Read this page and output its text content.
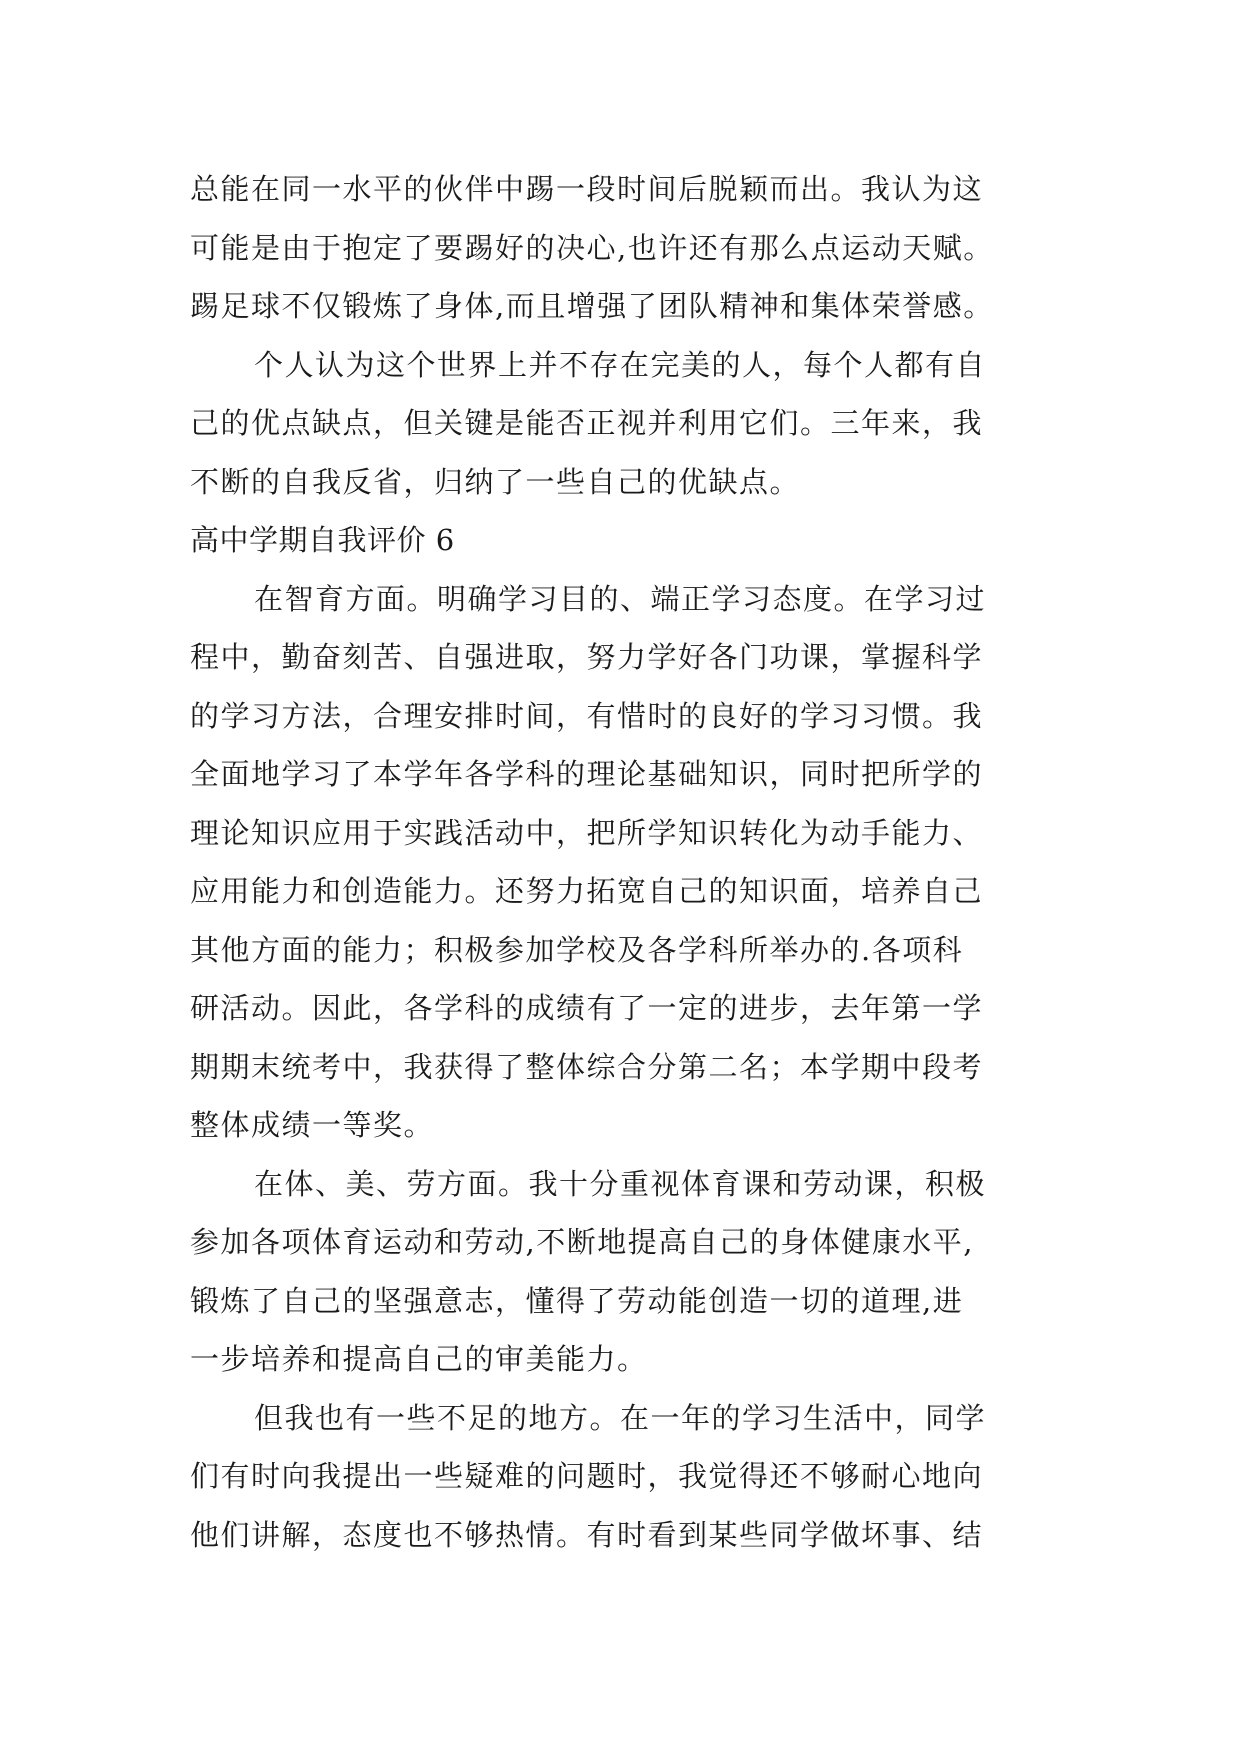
总能在同一水平的伙伴中踢一段时间后脱颖而出。我认为这
可能是由于抱定了要踢好的决心,也许还有那么点运动天赋。
踢足球不仅锻炼了身体,而且增强了团队精神和集体荣誉感。
个人认为这个世界上并不存在完美的人，每个人都有自
己的优点缺点，但关键是能否正视并利用它们。三年来，我
不断的自我反省，归纳了一些自己的优缺点。
高中学期自我评价 6
在智育方面。明确学习目的、端正学习态度。在学习过
程中，勤奋刻苦、自强进取，努力学好各门功课，掌握科学
的学习方法，合理安排时间，有惜时的良好的学习习惯。我
全面地学习了本学年各学科的理论基础知识，同时把所学的
理论知识应用于实践活动中，把所学知识转化为动手能力、
应用能力和创造能力。还努力拓宽自己的知识面，培养自己
其他方面的能力；积极参加学校及各学科所举办的.各项科
研活动。因此，各学科的成绩有了一定的进步，去年第一学
期期末统考中，我获得了整体综合分第二名；本学期中段考
整体成绩一等奖。
在体、美、劳方面。我十分重视体育课和劳动课，积极
参加各项体育运动和劳动,不断地提高自己的身体健康水平,
锻炼了自己的坚强意志，懂得了劳动能创造一切的道理,进
一步培养和提高自己的审美能力。
但我也有一些不足的地方。在一年的学习生活中，同学
们有时向我提出一些疑难的问题时，我觉得还不够耐心地向
他们讲解，态度也不够热情。有时看到某些同学做坏事、结
